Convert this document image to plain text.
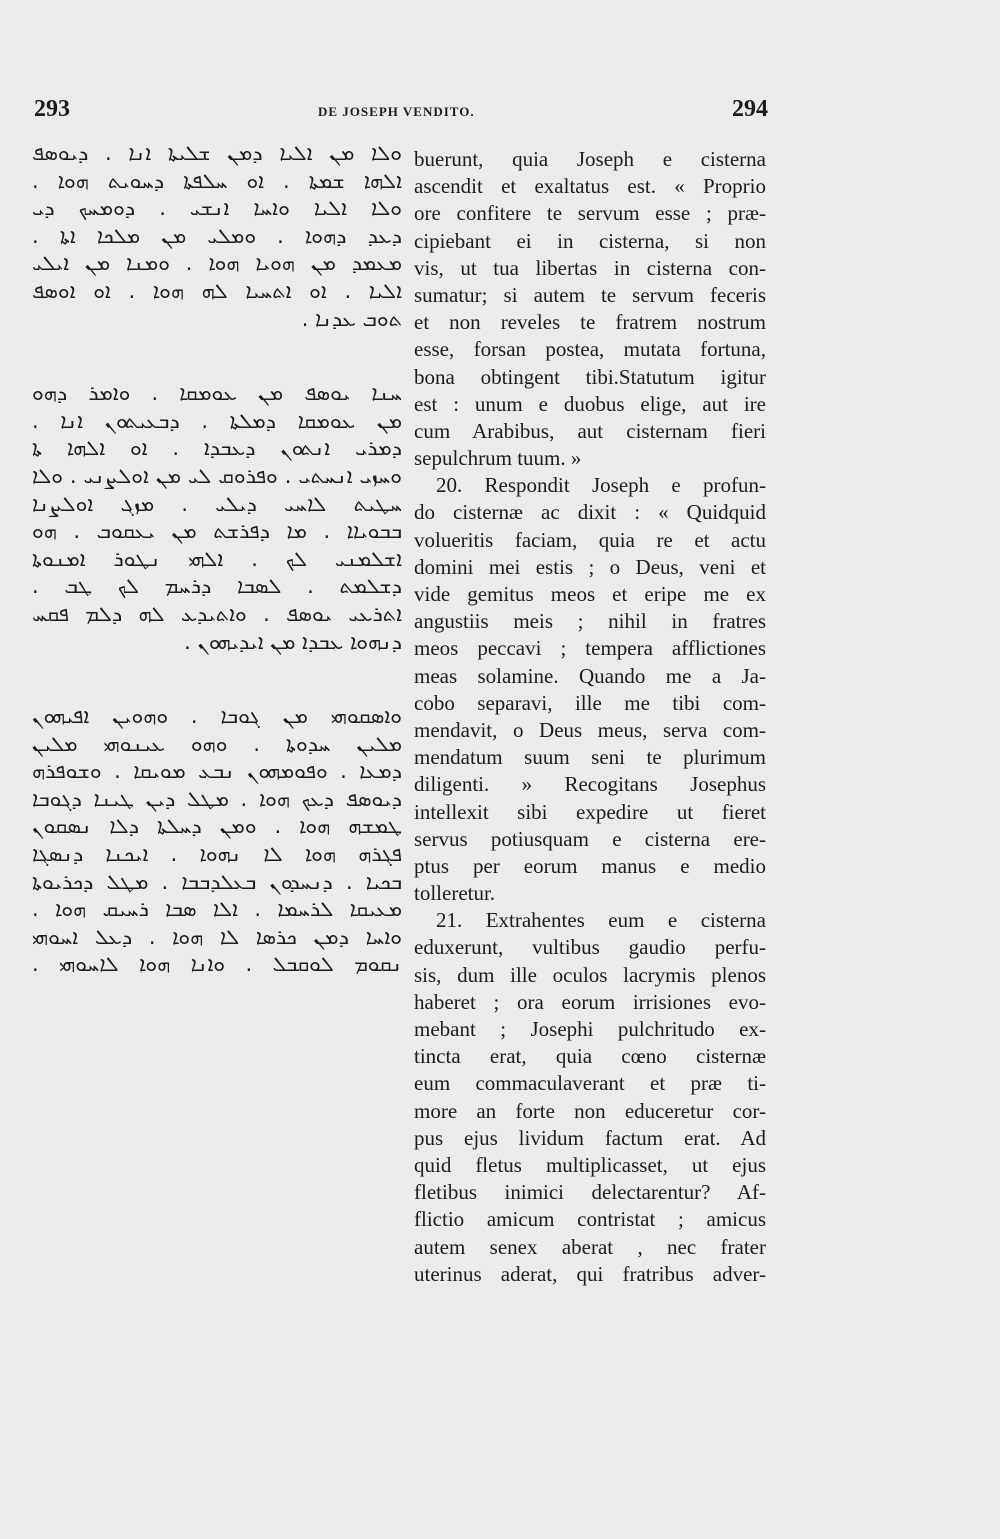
293	DE JOSEPH VENDITO.	294
ܘܠܐ ܡܢ ܐܠܝܐ ܕܡܢ ܫܠܝܬܐ ܐܢܐ . ܕܝܘܣܦ
ܐܠܗܐ ܫܡܬܐ . ܐܘ ܚܠܦܬܐ ܕܚܘܝܬ ܗܘܐ .
ܘܠܐ ܐܠܝܐ ܘܐܚܐ ܐܢܫܝ . ܕܘܡܚܟ ܕܝ
ܕܥܕ ܕܗܘܐ . ܘܡܠܝ ܡܢ ܡܠܟܐ ܐܬܐ .
ܡܥܡܕ ܡܢ ܗܘܝܐ ܗܘܐ . ܘܡܢܐ ܡܢ ܐܝܠܝ
ܐܠܝܐ . ܐܘ ܐܬܚܝܐ ܠܗ ܗܘܐ . ܐܘ ܐܘܣܦ
ܬܘܒ ܥܕܢܐ .
ܚܢܐ ܝܘܣܦ ܡܢ ܥܘܡܩܐ . ܘܐܡܪ ܕܗܘ
ܡܢ ܥܘܡܩܐ ܕܡܠܬܐ . ܕܒܥܝܬܘܢ ܐܢܐ .
ܕܡܪܝ ܐܢܬܘܢ ܕܥܒܕܐ . ܐܘ ܐܠܗܐ ܬܐ
ܘܚܙܝ ܐܢܚܬܝ . ܘܦܪܘܩ ܠܝ ܡܢ ܐܘܠܨܢܝ . ܘܠܐ
ܚܛܝܬ ܠܐܚܝ ܕܝܠܝ . ܡܙܓ ܐܘܠܨܢܐ
ܒܒܘܝܐܐ . ܡܐ ܕܦܪܫܬ ܡܢ ܝܥܩܘܒ . ܗܘ
ܐܫܠܡܢܝ ܠܟ . ܐܠܗܝ ܢܛܘܪ ܐܡܢܘܬܐ
ܕܫܠܡܬ . ܠܣܒܐ ܕܪܚܡ ܠܟ ܛܒ .
ܐܬܪܥܝ ܝܘܣܦ . ܘܐܬܝܕܥ ܠܗ ܕܠܡ ܦܩܚ
ܕܢܗܘܐ ܥܒܕܐ ܡܢ ܐܝܕܝܗܘܢ .
ܘܐܣܩܘܗܝ ܡܢ ܓܘܒܐ . ܘܗܘܝܢ ܐܦܝܗܘܢ
ܡܠܝܢ ܚܕܘܬܐ . ܘܗܘ ܥܝܢܘܗܝ ܡܠܝܢ
ܕܡܥܐ . ܘܦܘܡܗܘܢ ܢܒܥ ܡܘܝܩܐ . ܘܫܘܦܪܗ
ܕܝܘܣܦ ܕܥܟ ܗܘܐ . ܡܛܠ ܕܝܢ ܛܝܢܐ ܕܓܘܒܐ
ܛܡܫܗ ܗܘܐ . ܘܡܢ ܕܚܠܬܐ ܕܠܐ ܢܣܩܘܢ
ܦܓܪܗ ܗܘܐ ܠܐ ܢܗܘܐ . ܐܝܟܢܐ ܕܢܣܓܐ
ܒܟܝܐ . ܕܢܚܕܘܢ ܒܥܠܕܒܒܐ . ܡܛܠ ܕܟܪܝܘܬܐ
ܡܥܝܩܐ ܠܪܚܡܐ . ܐܠܐ ܣܒܐ ܪܚܝܩ ܗܘܐ .
ܘܐܚܐ ܕܡܢ ܟܪܣܐ ܠܐ ܗܘܐ . ܕܥܠ ܐܚܘܗܝ
ܢܩܘܡ ܠܘܩܒܠ . ܘܐܢܐ ܗܘܐ ܠܐܚܘܗܝ .
buerunt, quia Joseph e cisterna
ascendit et exaltatus est. « Proprio
ore confitere te servum esse ; præ-
cipiebant ei in cisterna, si non
vis, ut tua libertas in cisterna con-
sumatur; si autem te servum feceris
et non reveles te fratrem nostrum
esse, forsan postea, mutata fortuna,
bona obtingent tibi.Statutum igitur
est : unum e duobus elige, aut ire
cum Arabibus, aut cisternam fieri
sepulchrum tuum. »
20. Respondit Joseph e profun-
do cisternæ ac dixit : « Quidquid
volueritis faciam, quia re et actu
domini mei estis ; o Deus, veni et
vide gemitus meos et eripe me ex
angustiis meis ; nihil in fratres
meos peccavi ; tempera afflictiones
meas solamine. Quando me a Ja-
cobo separavi, ille me tibi com-
mendavit, o Deus meus, serva com-
mendatum suum seni te plurimum
diligenti. » Recogitans Josephus
intellexit sibi expedire ut fieret
servus potiusquam e cisterna ere-
ptus per eorum manus e medio
tolleretur.
21. Extrahentes eum e cisterna
eduxerunt, vultibus gaudio perfu-
sis, dum ille oculos lacrymis plenos
haberet ; ora eorum irrisiones evo-
mebant ; Josephi pulchritudo ex-
tincta erat, quia cœno cisternæ
eum commaculaverant et præ ti-
more an forte non educeretur cor-
pus ejus lividum factum erat. Ad
quid fletus multiplicasset, ut ejus
fletibus inimici delectarentur? Af-
flictio amicum contristat ; amicus
autem senex aberat , nec frater
uterinus aderat, qui fratribus adver-
